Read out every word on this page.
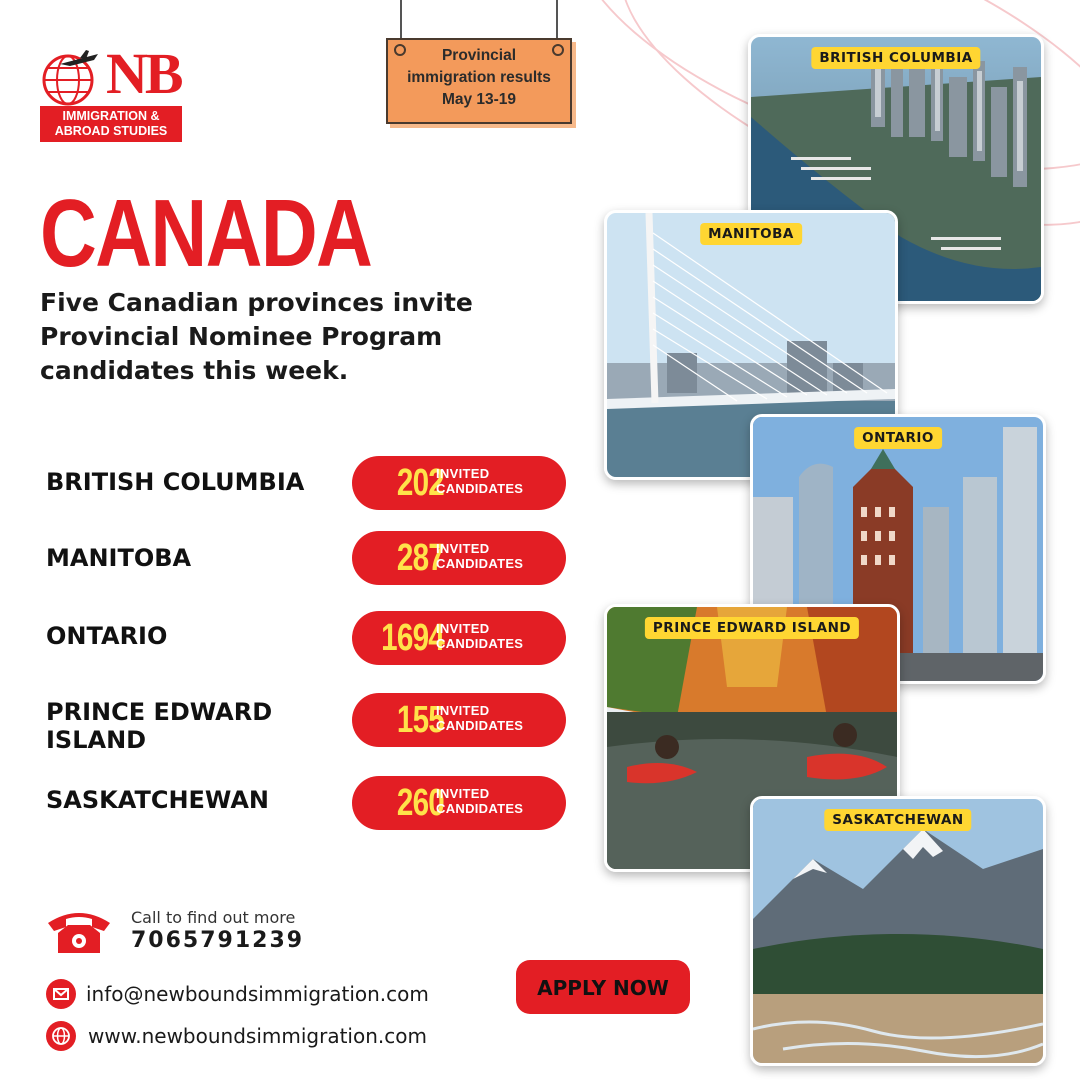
NB
IMMIGRATION &
ABROAD STUDIES
Provincial
immigration results
May 13-19
CANADA
Five Canadian provinces invite Provincial Nominee Program candidates this week.
BRITISH COLUMBIA	202
INVITED
CANDIDATES
MANITOBA	287
INVITED
CANDIDATES
ONTARIO	1694
INVITED
CANDIDATES
PRINCE EDWARD ISLAND	155
INVITED
CANDIDATES
SASKATCHEWAN	260
INVITED
CANDIDATES
Call to find out more
7065791239
info@newboundsimmigration.com
www.newboundsimmigration.com
APPLY NOW
BRITISH COLUMBIA
MANITOBA
ONTARIO
PRINCE EDWARD ISLAND
SASKATCHEWAN
